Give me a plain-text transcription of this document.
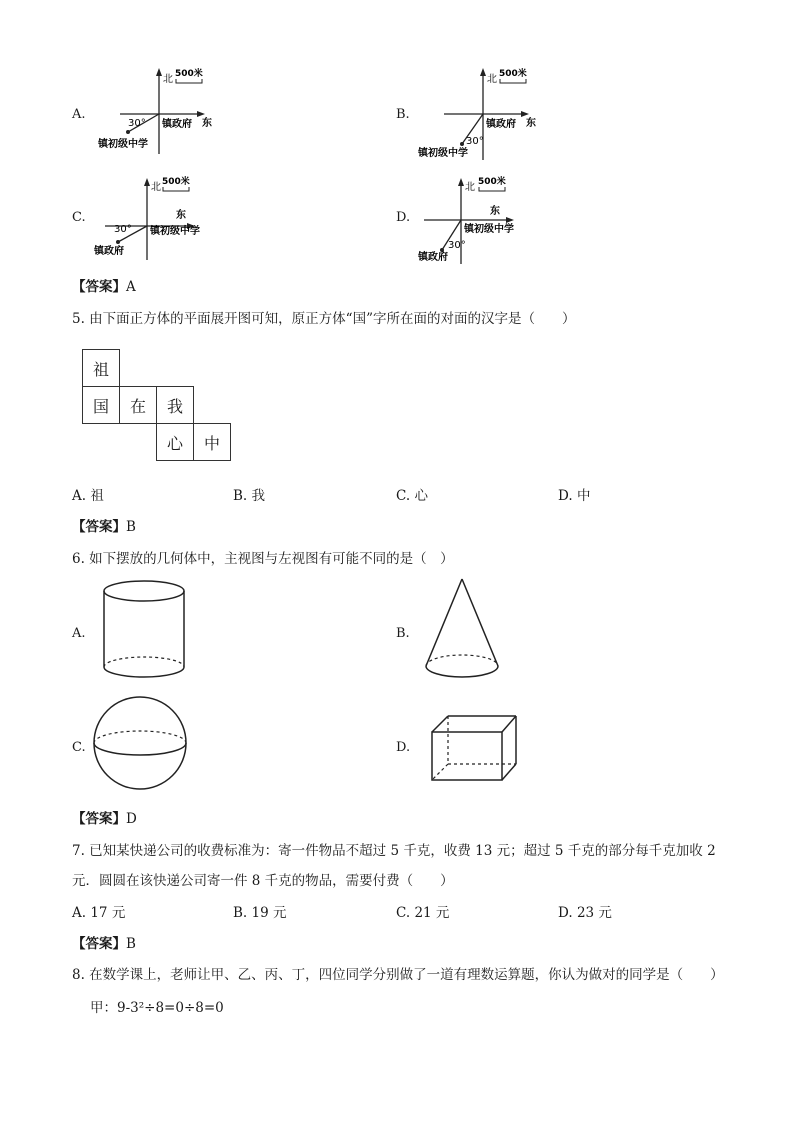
A.
北 500米
30° 镇政府 东
镇初级中学
B.
北 500米
30°
镇政府 东
镇初级中学
C.
北 500米
东
30° 镇初级中学
镇政府
D.
北 500米
东
镇初级中学
30°
镇政府
【答案】A
5. 由下面正方体的平面展开图可知，原正方体“国”字所在面的对面的汉字是（　　）
祖
国	在	我
心	中
A. 祖	B. 我	C. 心	D. 中
【答案】B
6. 如下摆放的几何体中，主视图与左视图有可能不同的是（　）
A.	B.
C.	D.
【答案】D
7. 已知某快递公司的收费标准为：寄一件物品不超过 5 千克，收费 13 元；超过 5 千克的部分每千克加收 2
元．圆圆在该快递公司寄一件 8 千克的物品，需要付费（　　）
A. 17 元	B. 19 元	C. 21 元	D. 23 元
【答案】B
8. 在数学课上，老师让甲、乙、丙、丁，四位同学分别做了一道有理数运算题，你认为做对的同学是（　　）
甲：9-3²÷8=0÷8=0
